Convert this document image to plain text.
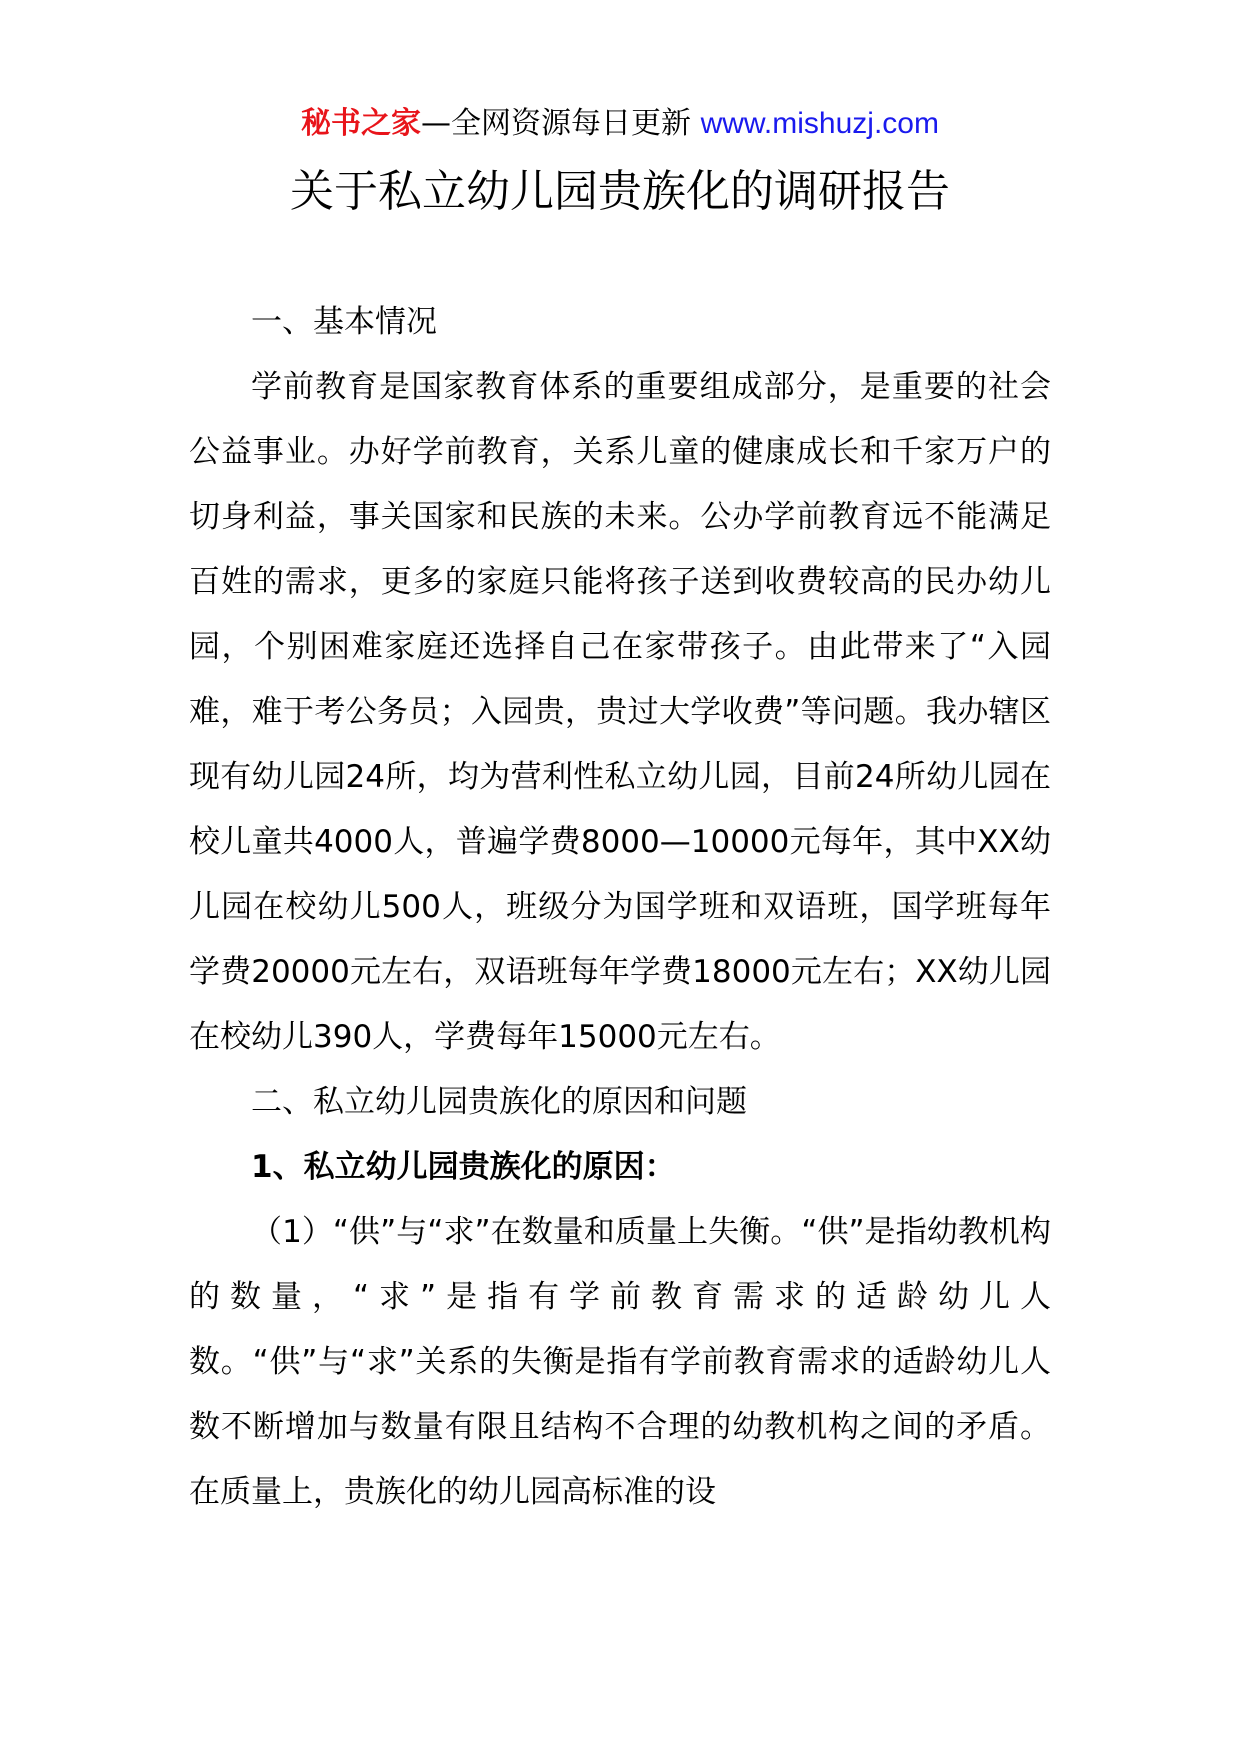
秘书之家—全网资源每日更新 www.mishuzj.com
关于私立幼儿园贵族化的调研报告

一、基本情况

学前教育是国家教育体系的重要组成部分，是重要的社会公益事业。办好学前教育，关系儿童的健康成长和千家万户的切身利益，事关国家和民族的未来。公办学前教育远不能满足百姓的需求，更多的家庭只能将孩子送到收费较高的民办幼儿园，个别困难家庭还选择自己在家带孩子。由此带来了“入园难，难于考公务员；入园贵，贵过大学收费”等问题。我办辖区现有幼儿园24所，均为营利性私立幼儿园，目前24所幼儿园在校儿童共4000人，普遍学费8000—10000元每年，其中XX幼儿园在校幼儿500人，班级分为国学班和双语班，国学班每年学费20000元左右，双语班每年学费18000元左右；XX幼儿园在校幼儿390人，学费每年15000元左右。

二、私立幼儿园贵族化的原因和问题

1、私立幼儿园贵族化的原因：

（1）“供”与“求”在数量和质量上失衡。“供”是指幼教机构的数量，“求”是指有学前教育需求的适龄幼儿人数。“供”与“求”关系的失衡是指有学前教育需求的适龄幼儿人数不断增加与数量有限且结构不合理的幼教机构之间的矛盾。在质量上，贵族化的幼儿园高标准的设
